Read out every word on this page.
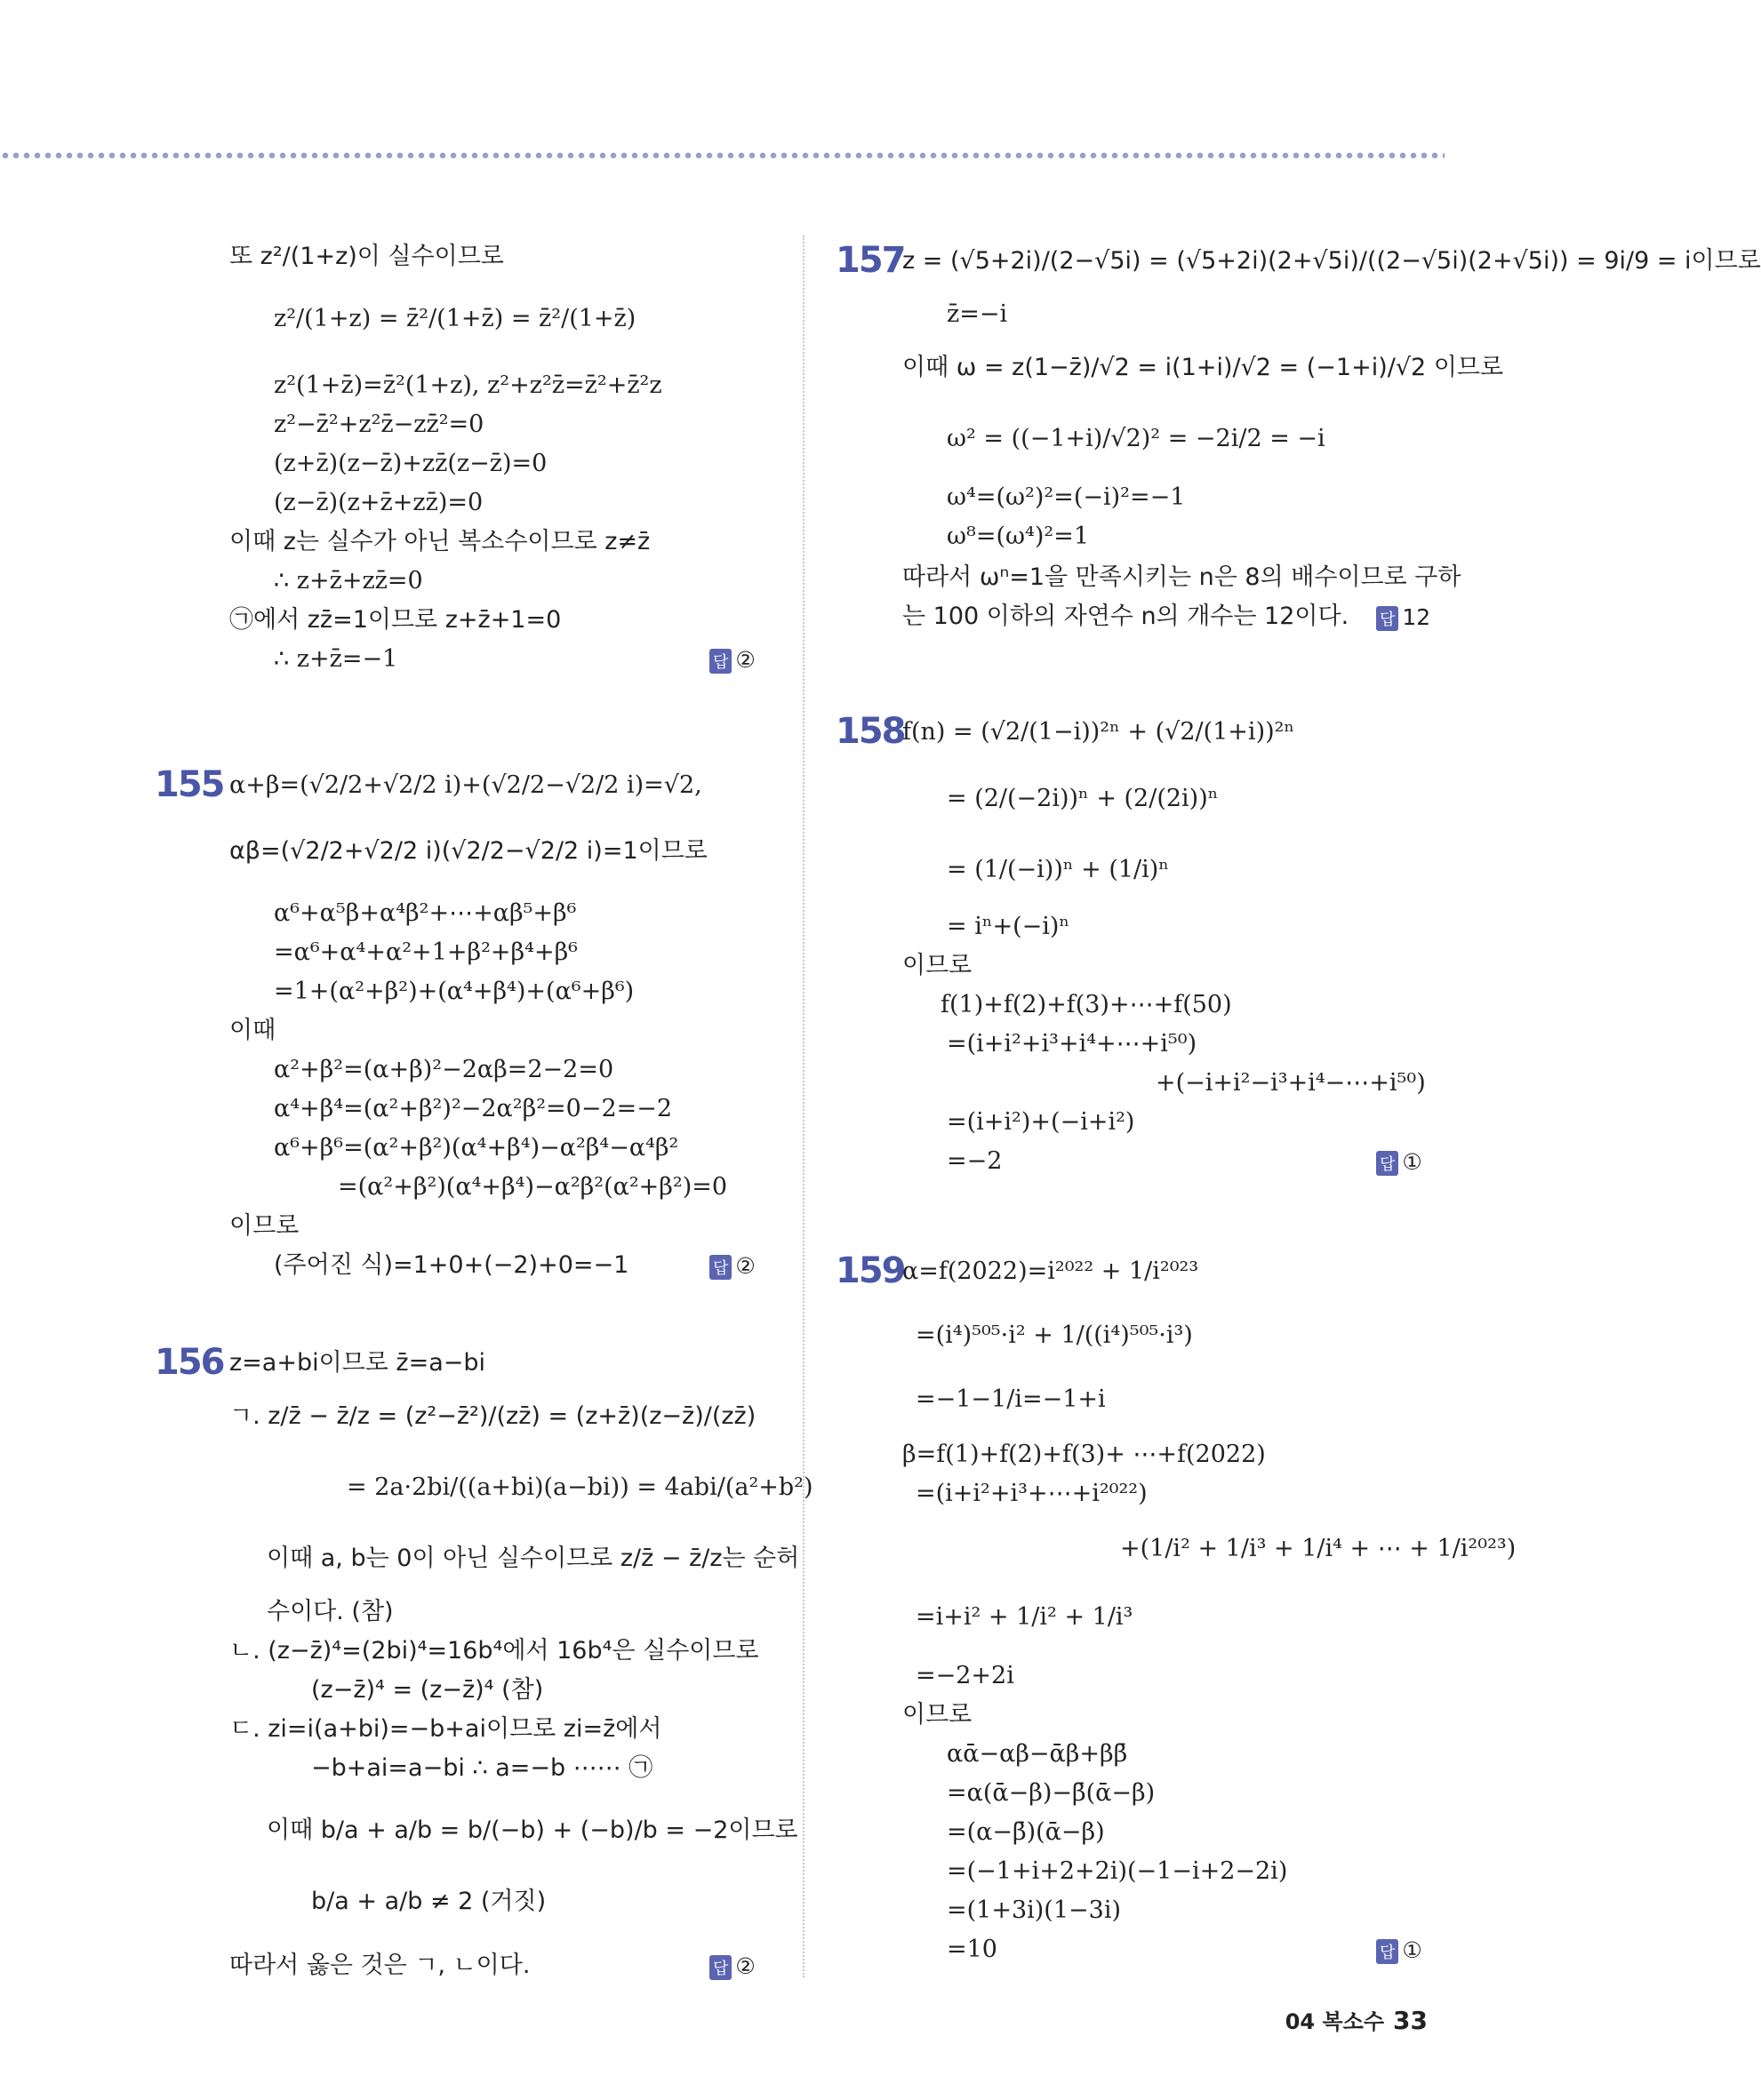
또 z²/(1+z)이 실수이므로
z²/(1+z) = z̄²/(1+z̄) = z̄²/(1+z̄)
z²(1+z̄)=z̄²(1+z), z²+z²z̄=z̄²+z̄²z
z²−z̄²+z²z̄−zz̄²=0
(z+z̄)(z−z̄)+zz̄(z−z̄)=0
(z−z̄)(z+z̄+zz̄)=0
이때 z는 실수가 아닌 복소수이므로 z≠z̄
∴ z+z̄+zz̄=0
㉠에서 zz̄=1이므로 z+z̄+1=0
∴ z+z̄=−1	답 ②
155 α+β=(√2/2+√2/2 i)+(√2/2−√2/2 i)=√2,
αβ=(√2/2+√2/2 i)(√2/2−√2/2 i)=1이므로
α⁶+α⁵β+α⁴β²+⋯+αβ⁵+β⁶
=α⁶+α⁴+α²+1+β²+β⁴+β⁶
=1+(α²+β²)+(α⁴+β⁴)+(α⁶+β⁶)
이때
α²+β²=(α+β)²−2αβ=2−2=0
α⁴+β⁴=(α²+β²)²−2α²β²=0−2=−2
α⁶+β⁶=(α²+β²)(α⁴+β⁴)−α²β⁴−α⁴β²
=(α²+β²)(α⁴+β⁴)−α²β²(α²+β²)=0
이므로
(주어진 식)=1+0+(−2)+0=−1	답 ②
156 z=a+bi이므로 z̄=a−bi
ㄱ. z/z̄ − z̄/z = (z²−z̄²)/(zz̄) = (z+z̄)(z−z̄)/(zz̄)
= 2a·2bi/((a+bi)(a−bi)) = 4abi/(a²+b²)
이때 a, b는 0이 아닌 실수이므로 z/z̄ − z̄/z는 순허
수이다. (참)
ㄴ. (z−z̄)⁴=(2bi)⁴=16b⁴에서 16b⁴은 실수이므로
(z−z̄)⁴ = (z−z̄)⁴ (참)
ㄷ. zi=i(a+bi)=−b+ai이므로 zi=z̄에서
−b+ai=a−bi ∴ a=−b ⋯⋯ ㉠
이때 b/a + a/b = b/(−b) + (−b)/b = −2이므로
b/a + a/b ≠ 2 (거짓)
따라서 옳은 것은 ㄱ, ㄴ이다.	답 ②
157
z = (√5+2i)/(2−√5i) = (√5+2i)(2+√5i)/((2−√5i)(2+√5i)) = 9i/9 = i이므로
z̄=−i
이때 ω = z(1−z̄)/√2 = i(1+i)/√2 = (−1+i)/√2 이므로
ω² = ((−1+i)/√2)² = −2i/2 = −i
ω⁴=(ω²)²=(−i)²=−1
ω⁸=(ω⁴)²=1
따라서 ωⁿ=1을 만족시키는 n은 8의 배수이므로 구하
는 100 이하의 자연수 n의 개수는 12이다. 답 12
158
f(n) = (√2/(1−i))²ⁿ + (√2/(1+i))²ⁿ
= (2/(−2i))ⁿ + (2/(2i))ⁿ
= (1/(−i))ⁿ + (1/i)ⁿ
= iⁿ+(−i)ⁿ
이므로
f(1)+f(2)+f(3)+⋯+f(50)
=(i+i²+i³+i⁴+⋯+i⁵⁰)
+(−i+i²−i³+i⁴−⋯+i⁵⁰)
=(i+i²)+(−i+i²)
=−2	답 ①
159
α=f(2022)=i²⁰²² + 1/i²⁰²³
=(i⁴)⁵⁰⁵·i² + 1/((i⁴)⁵⁰⁵·i³)
=−1−1/i=−1+i
β=f(1)+f(2)+f(3)+ ⋯+f(2022)
=(i+i²+i³+⋯+i²⁰²²)
+(1/i² + 1/i³ + 1/i⁴ + ⋯ + 1/i²⁰²³)
=i+i² + 1/i² + 1/i³
=−2+2i
이므로
αᾱ−αβ−ᾱβ+ββ̄
=α(ᾱ−β)−β̄(ᾱ−β)
=(α−β̄)(ᾱ−β)
=(−1+i+2+2i)(−1−i+2−2i)
=(1+3i)(1−3i)
=10	답 ①
04 복소수 33
